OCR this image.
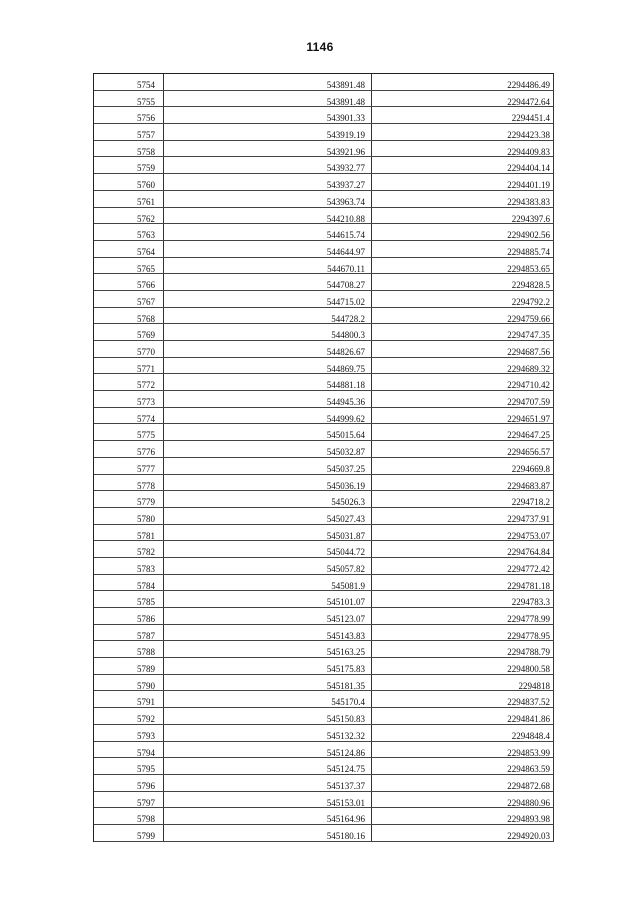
1146
5754	543891.48	2294486.49
5755	543891.48	2294472.64
5756	543901.33	2294451.4
5757	543919.19	2294423.38
5758	543921.96	2294409.83
5759	543932.77	2294404.14
5760	543937.27	2294401.19
5761	543963.74	2294383.83
5762	544210.88	2294397.6
5763	544615.74	2294902.56
5764	544644.97	2294885.74
5765	544670.11	2294853.65
5766	544708.27	2294828.5
5767	544715.02	2294792.2
5768	544728.2	2294759.66
5769	544800.3	2294747.35
5770	544826.67	2294687.56
5771	544869.75	2294689.32
5772	544881.18	2294710.42
5773	544945.36	2294707.59
5774	544999.62	2294651.97
5775	545015.64	2294647.25
5776	545032.87	2294656.57
5777	545037.25	2294669.8
5778	545036.19	2294683.87
5779	545026.3	2294718.2
5780	545027.43	2294737.91
5781	545031.87	2294753.07
5782	545044.72	2294764.84
5783	545057.82	2294772.42
5784	545081.9	2294781.18
5785	545101.07	2294783.3
5786	545123.07	2294778.99
5787	545143.83	2294778.95
5788	545163.25	2294788.79
5789	545175.83	2294800.58
5790	545181.35	2294818
5791	545170.4	2294837.52
5792	545150.83	2294841.86
5793	545132.32	2294848.4
5794	545124.86	2294853.99
5795	545124.75	2294863.59
5796	545137.37	2294872.68
5797	545153.01	2294880.96
5798	545164.96	2294893.98
5799	545180.16	2294920.03
